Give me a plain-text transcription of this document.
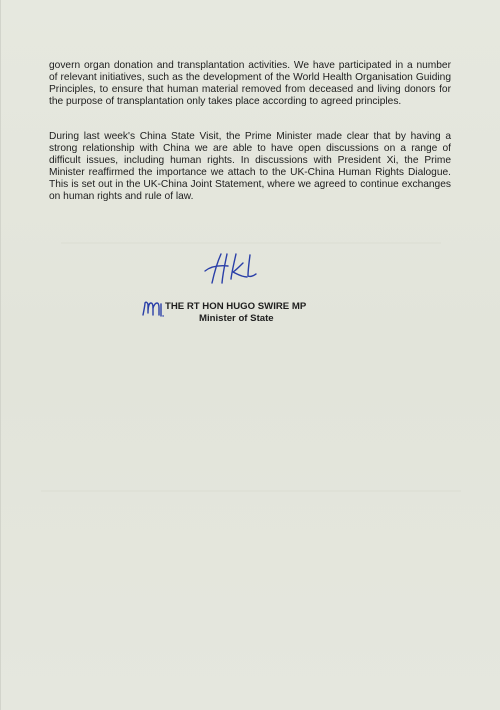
govern organ donation and transplantation activities. We have participated in a number of relevant initiatives, such as the development of the World Health Organisation Guiding Principles, to ensure that human material removed from deceased and living donors for the purpose of transplantation only takes place according to agreed principles.

During last week's China State Visit, the Prime Minister made clear that by having a strong relationship with China we are able to have open discussions on a range of difficult issues, including human rights. In discussions with President Xi, the Prime Minister reaffirmed the importance we attach to the UK-China Human Rights Dialogue. This is set out in the UK-China Joint Statement, where we agreed to continue exchanges on human rights and rule of law.

THE RT HON HUGO SWIRE MP
Minister of State
